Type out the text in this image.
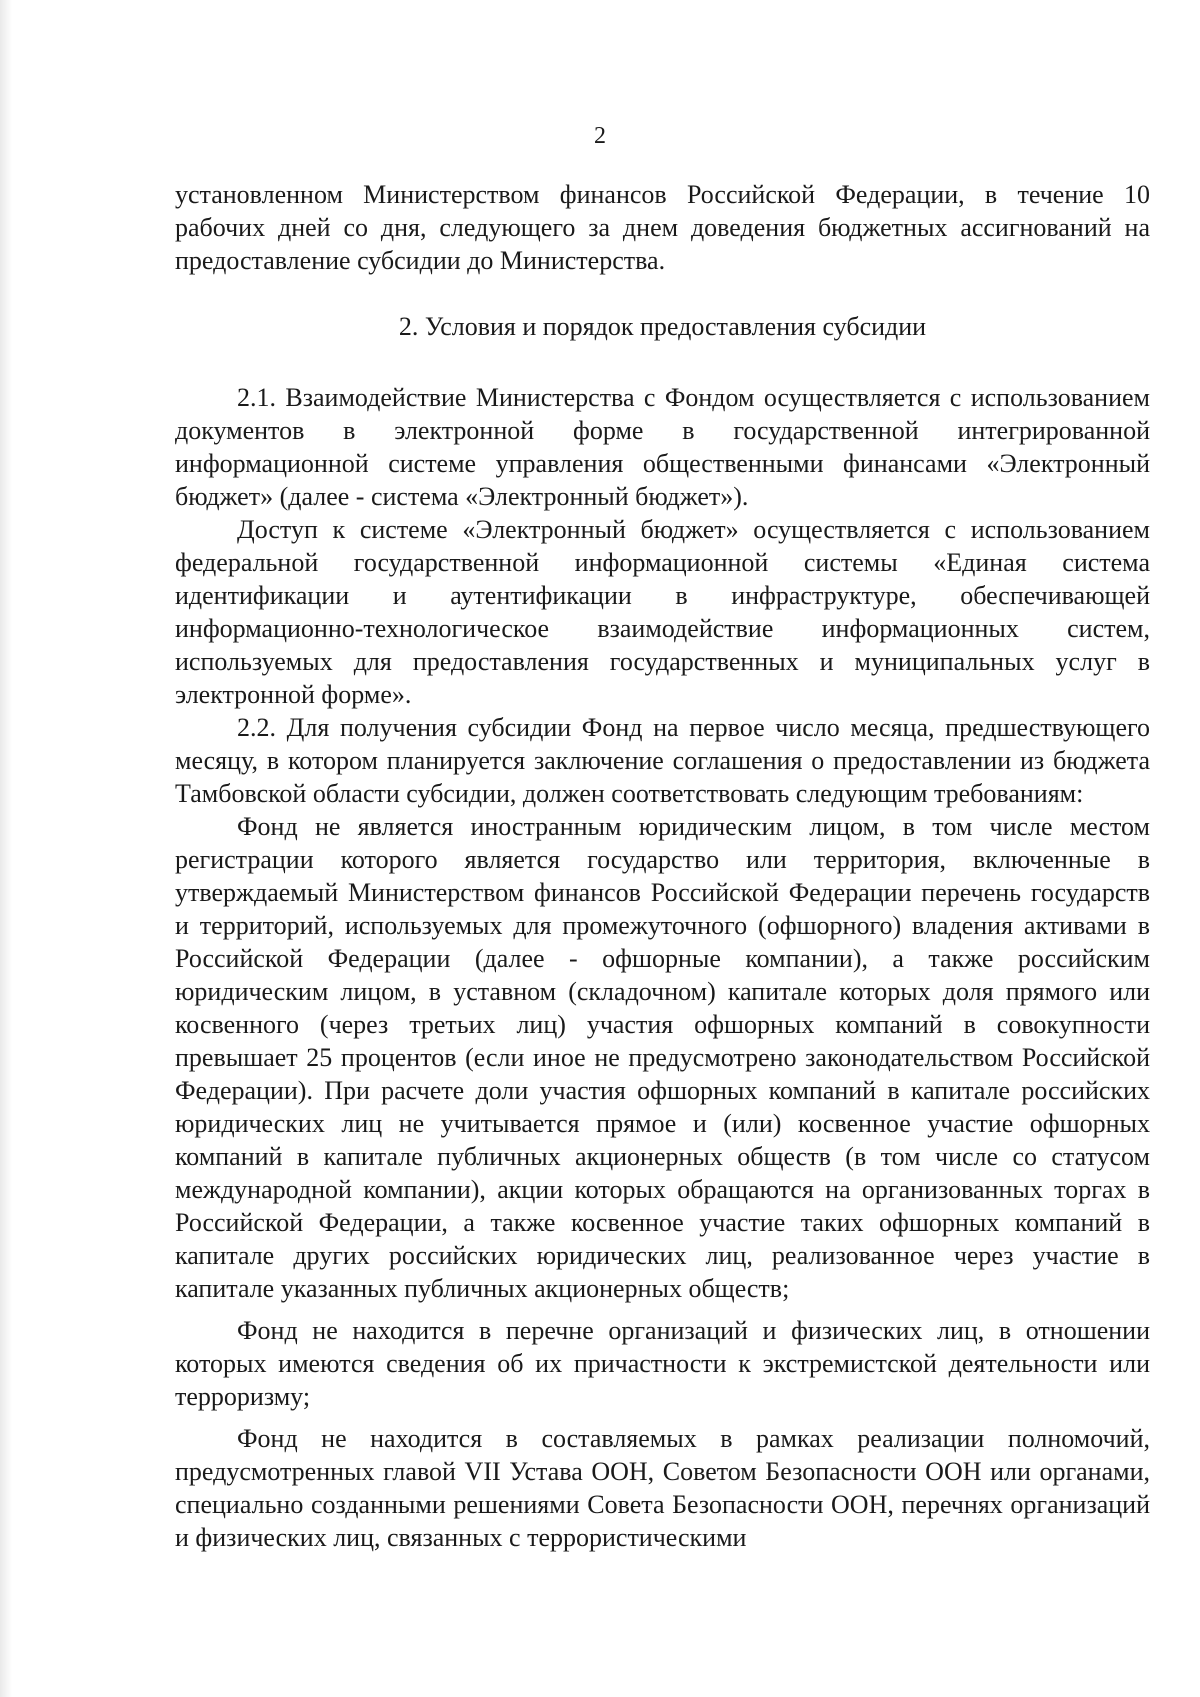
2

установленном Министерством финансов Российской Федерации, в течение 10 рабочих дней со дня, следующего за днем доведения бюджетных ассигнований на предоставление субсидии до Министерства.

2. Условия и порядок предоставления субсидии

2.1. Взаимодействие Министерства с Фондом осуществляется с использованием документов в электронной форме в государственной интегрированной информационной системе управления общественными финансами «Электронный бюджет» (далее - система «Электронный бюджет»).

Доступ к системе «Электронный бюджет» осуществляется с использованием федеральной государственной информационной системы «Единая система идентификации и аутентификации в инфраструктуре, обеспечивающей информационно-технологическое взаимодействие информационных систем, используемых для предоставления государственных и муниципальных услуг в электронной форме».

2.2. Для получения субсидии Фонд на первое число месяца, предшествующего месяцу, в котором планируется заключение соглашения о предоставлении из бюджета Тамбовской области субсидии, должен соответствовать следующим требованиям:

Фонд не является иностранным юридическим лицом, в том числе местом регистрации которого является государство или территория, включенные в утверждаемый Министерством финансов Российской Федерации перечень государств и территорий, используемых для промежуточного (офшорного) владения активами в Российской Федерации (далее - офшорные компании), а также российским юридическим лицом, в уставном (складочном) капитале которых доля прямого или косвенного (через третьих лиц) участия офшорных компаний в совокупности превышает 25 процентов (если иное не предусмотрено законодательством Российской Федерации). При расчете доли участия офшорных компаний в капитале российских юридических лиц не учитывается прямое и (или) косвенное участие офшорных компаний в капитале публичных акционерных обществ (в том числе со статусом международной компании), акции которых обращаются на организованных торгах в Российской Федерации, а также косвенное участие таких офшорных компаний в капитале других российских юридических лиц, реализованное через участие в капитале указанных публичных акционерных обществ;

Фонд не находится в перечне организаций и физических лиц, в отношении которых имеются сведения об их причастности к экстремистской деятельности или терроризму;

Фонд не находится в составляемых в рамках реализации полномочий, предусмотренных главой VII Устава ООН, Советом Безопасности ООН или органами, специально созданными решениями Совета Безопасности ООН, перечнях организаций и физических лиц, связанных с террористическими
